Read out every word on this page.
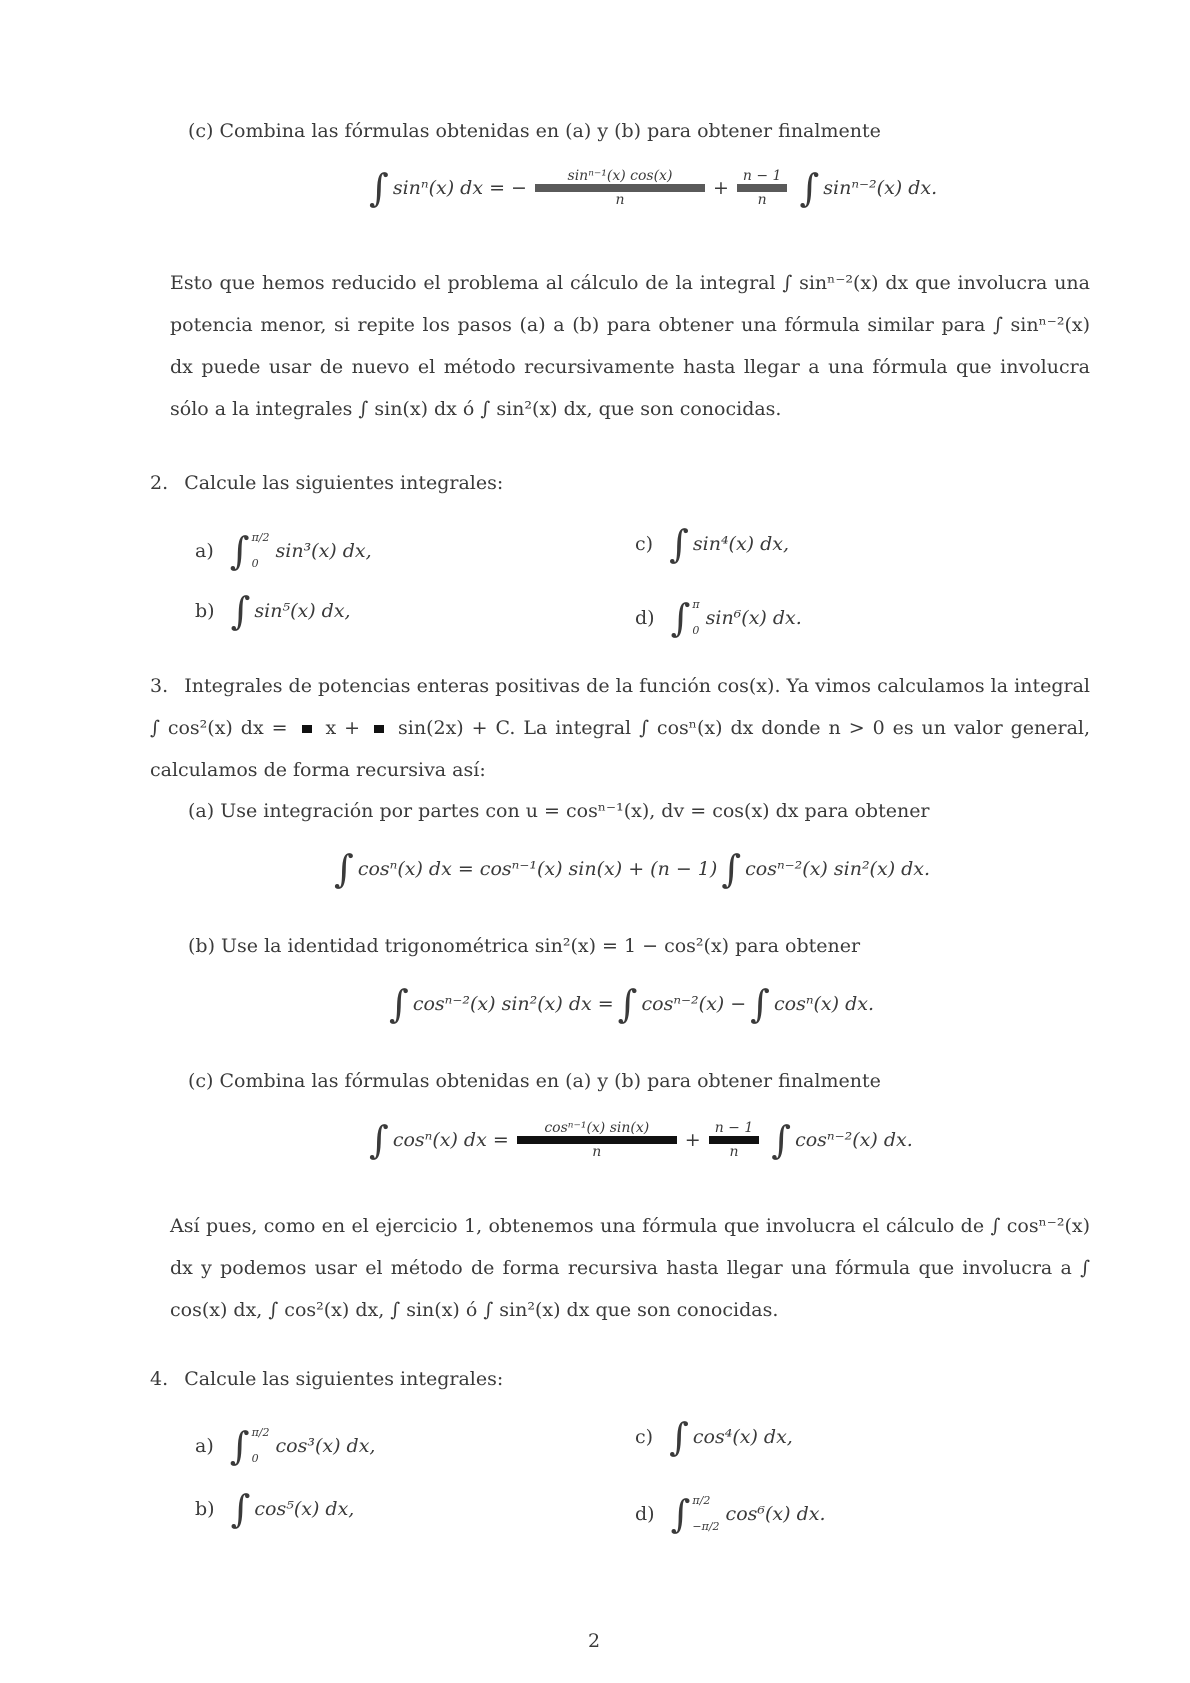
(c) Combina las fórmulas obtenidas en (a) y (b) para obtener finalmente
∫ sinⁿ(x) dx = −
sinⁿ⁻¹(x) cos(x)
n
+
n − 1
n ∫ sinⁿ⁻²(x) dx.
Esto que hemos reducido el problema al cálculo de la integral ∫ sinⁿ⁻²(x) dx que involucra una potencia menor, si repite los pasos (a) a (b) para obtener una fórmula similar para ∫ sinⁿ⁻²(x) dx puede usar de nuevo el método recursivamente hasta llegar a una fórmula que involucra sólo a la integrales ∫ sin(x) dx ó ∫ sin²(x) dx, que son conocidas.
2. Calcule las siguientes integrales:
a) ∫ π/2
0
sin³(x) dx,	c) ∫ sin⁴(x) dx,
b) ∫ sin⁵(x) dx,	d) ∫ π
0
sin⁶(x) dx.
3. Integrales de potencias enteras positivas de la función cos(x). Ya vimos calculamos la integral ∫ cos²(x) dx = x + sin(2x) + C. La integral ∫ cosⁿ(x) dx donde n > 0 es un valor general, calculamos de forma recursiva así:
(a) Use integración por partes con u = cosⁿ⁻¹(x), dv = cos(x) dx para obtener
∫ cosⁿ(x) dx = cosⁿ⁻¹(x) sin(x) + (n − 1) ∫ cosⁿ⁻²(x) sin²(x) dx.
(b) Use la identidad trigonométrica sin²(x) = 1 − cos²(x) para obtener
∫ cosⁿ⁻²(x) sin²(x) dx = ∫ cosⁿ⁻²(x) − ∫ cosⁿ(x) dx.
(c) Combina las fórmulas obtenidas en (a) y (b) para obtener finalmente
∫ cosⁿ(x) dx =
cosⁿ⁻¹(x) sin(x)
n
+
n − 1
n ∫ cosⁿ⁻²(x) dx.
Así pues, como en el ejercicio 1, obtenemos una fórmula que involucra el cálculo de ∫ cosⁿ⁻²(x) dx y podemos usar el método de forma recursiva hasta llegar una fórmula que involucra a ∫ cos(x) dx, ∫ cos²(x) dx, ∫ sin(x) ó ∫ sin²(x) dx que son conocidas.
4. Calcule las siguientes integrales:
a) ∫ π/2
0
cos³(x) dx,	c) ∫ cos⁴(x) dx,
b) ∫ cos⁵(x) dx,	d) ∫ π/2
−π/2
cos⁶(x) dx.
2
